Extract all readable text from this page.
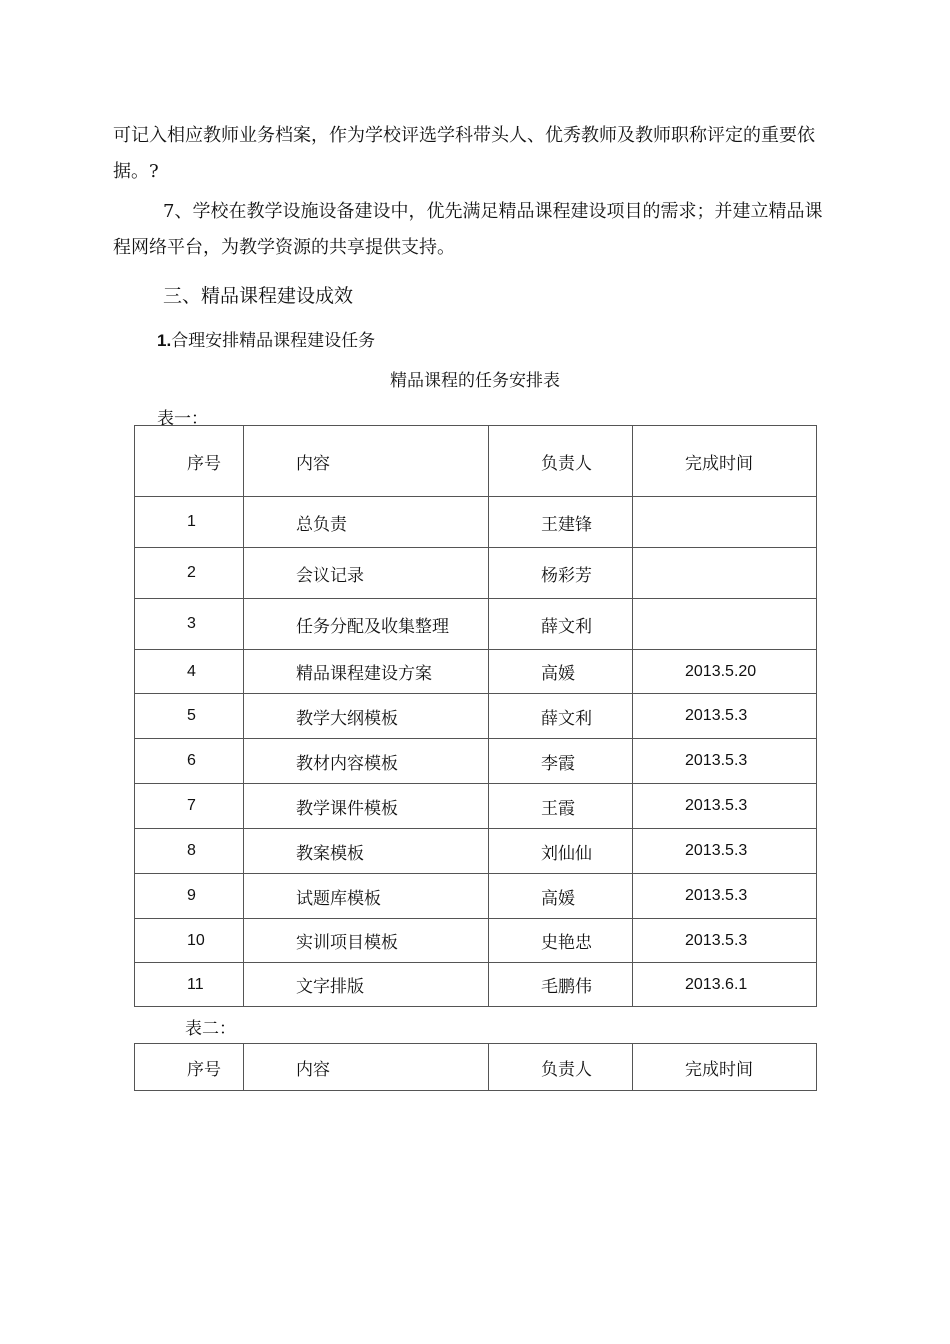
可记入相应教师业务档案，作为学校评选学科带头人、优秀教师及教师职称评定的重要依据。?

7、学校在教学设施设备建设中，优先满足精品课程建设项目的需求；并建立精品课程网络平台，为教学资源的共享提供支持。

三、精品课程建设成效

1.合理安排精品课程建设任务

精品课程的任务安排表

表一：

序号	内容	负责人	完成时间
1	总负责	王建锋	
2	会议记录	杨彩芳	
3	任务分配及收集整理	薛文利	
4	精品课程建设方案	高媛	2013.5.20
5	教学大纲模板	薛文利	2013.5.3
6	教材内容模板	李霞	2013.5.3
7	教学课件模板	王霞	2013.5.3
8	教案模板	刘仙仙	2013.5.3
9	试题库模板	高媛	2013.5.3
10	实训项目模板	史艳忠	2013.5.3
11	文字排版	毛鹏伟	2013.6.1

表二：

序号	内容	负责人	完成时间
